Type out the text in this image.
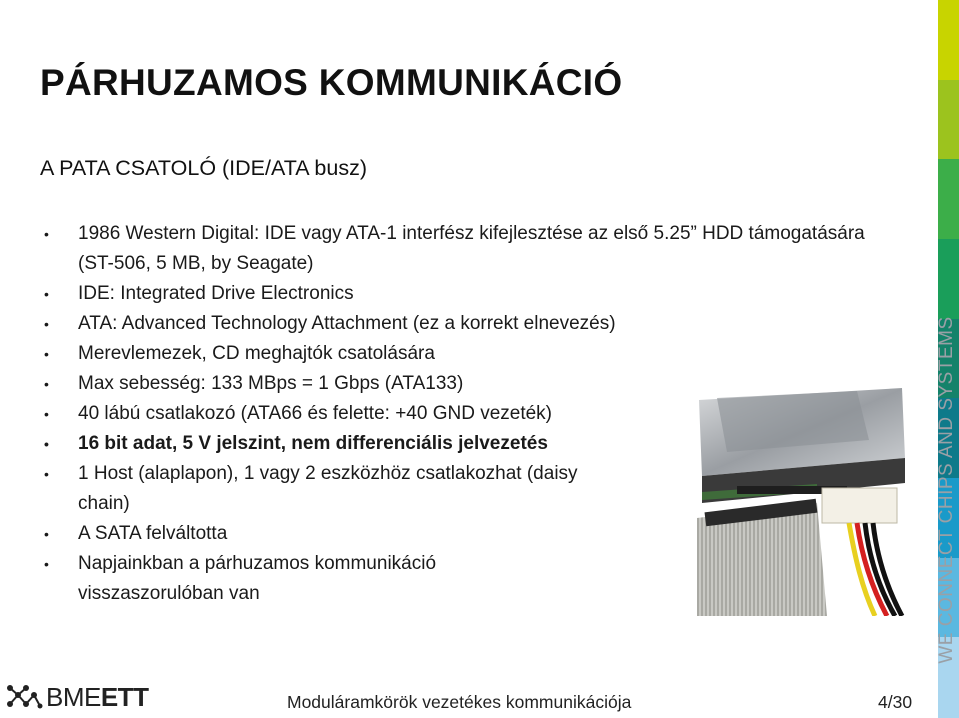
PÁRHUZAMOS KOMMUNIKÁCIÓ
A PATA CSATOLÓ (IDE/ATA busz)
• 1986 Western Digital: IDE vagy ATA-1 interfész kifejlesztése az első 5.25” HDD támogatására (ST-506, 5 MB, by Seagate)
• IDE: Integrated Drive Electronics
• ATA: Advanced Technology Attachment (ez a korrekt elnevezés)
• Merevlemezek, CD meghajtók csatolására
• Max sebesség: 133 MBps = 1 Gbps (ATA133)
• 40 lábú csatlakozó (ATA66 és felette: +40 GND vezeték)
• 16 bit adat, 5 V jelszint, nem differenciális jelvezetés
• 1 Host (alaplapon), 1 vagy 2 eszközhöz csatlakozhat (daisy chain)
• A SATA felváltotta
• Napjainkban a párhuzamos kommunikáció visszaszorulóban van	WE CONNECT CHIPS AND SYSTEMS
BMEETT	Moduláramkörök vezetékes kommunikációja	4/30
